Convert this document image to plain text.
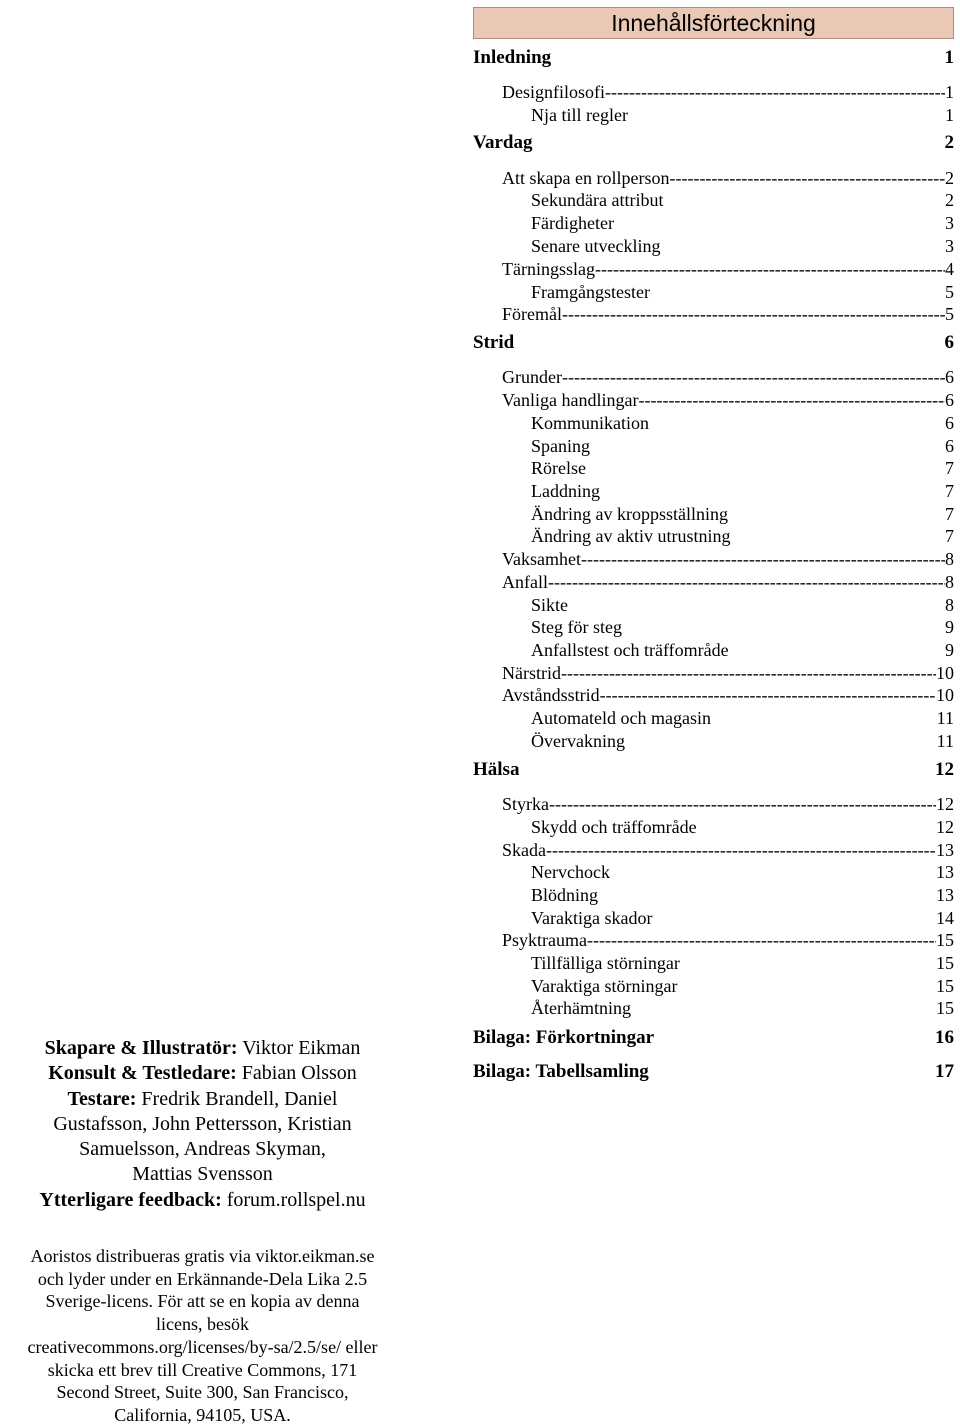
Innehållsförteckning
Inledning	1
Designfilosofi -----	1
Nja till regler	1
Vardag	2
Att skapa en rollperson -----	2
Sekundära attribut	2
Färdigheter	3
Senare utveckling	3
Tärningsslag -----	4
Framgångstester	5
Föremål -----	5
Strid	6
Grunder -----	6
Vanliga handlingar -----	6
Kommunikation	6
Spaning	6
Rörelse	7
Laddning	7
Ändring av kroppsställning	7
Ändring av aktiv utrustning	7
Vaksamhet -----	8
Anfall -----	8
Sikte	8
Steg för steg	9
Anfallstest och träffområde	9
Närstrid -----	10
Avståndsstrid -----	10
Automateld och magasin	11
Övervakning	11
Hälsa	12
Styrka -----	12
Skydd och träffområde	12
Skada -----	13
Nervchock	13
Blödning	13
Varaktiga skador	14
Psyktrauma -----	15
Tillfälliga störningar	15
Varaktiga störningar	15
Återhämtning	15
Bilaga: Förkortningar	16
Bilaga: Tabellsamling	17
Skapare & Illustratör: Viktor Eikman
Konsult & Testledare: Fabian Olsson
Testare: Fredrik Brandell, Daniel
Gustafsson, John Pettersson, Kristian
Samuelsson, Andreas Skyman,
Mattias Svensson
Ytterligare feedback: forum.rollspel.nu
Aoristos distribueras gratis via viktor.eikman.se
och lyder under en Erkännande-Dela Lika 2.5
Sverige-licens. För att se en kopia av denna
licens, besök
creativecommons.org/licenses/by-sa/2.5/se/ eller
skicka ett brev till Creative Commons, 171
Second Street, Suite 300, San Francisco,
California, 94105, USA.
